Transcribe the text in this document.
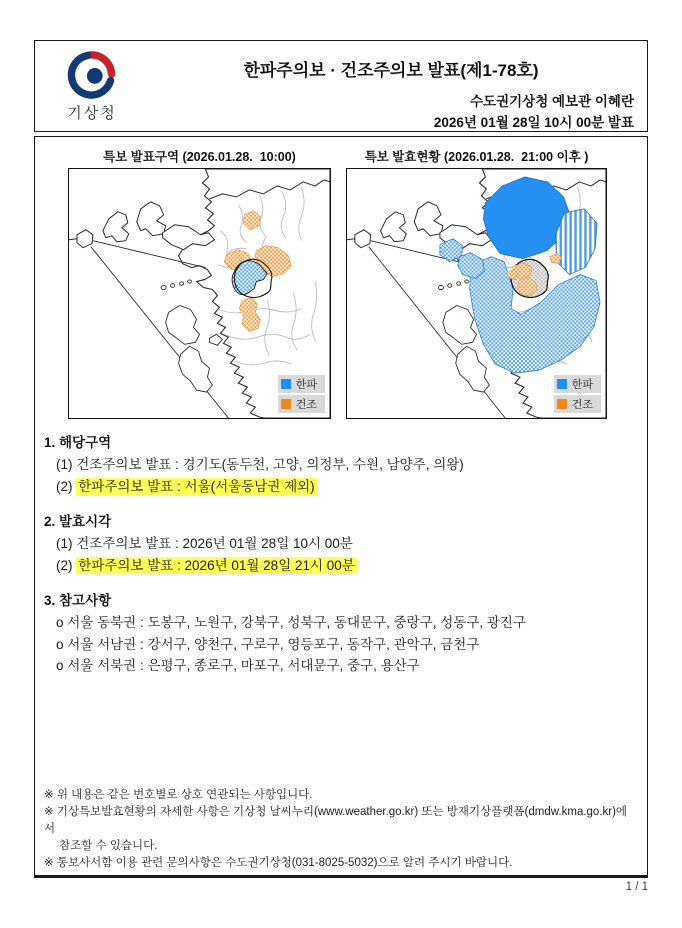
기상청
한파주의보 · 건조주의보 발표(제1-78호)
수도권기상청 예보관 이혜란
2026년 01월 28일 10시 00분 발표
특보 발표구역 (2026.01.28.  10:00)
한파
건조
특보 발효현황 (2026.01.28.  21:00 이후 )
한파
건조
1. 해당구역
(1) 건조주의보 발표 : 경기도(동두천, 고양, 의정부, 수원, 남양주, 의왕)
(2) 한파주의보 발표 : 서울(서울동남권 제외)
2. 발효시각
(1) 건조주의보 발표 : 2026년 01월 28일 10시 00분
(2) 한파주의보 발표 : 2026년 01월 28일 21시 00분
3. 참고사항
o 서울 동북권 : 도봉구, 노원구, 강북구, 성북구, 동대문구, 중랑구, 성동구, 광진구
o 서울 서남권 : 강서구, 양천구, 구로구, 영등포구, 동작구, 관악구, 금천구
o 서울 서북권 : 은평구, 종로구, 마포구, 서대문구, 중구, 용산구
※ 위 내용은 같은 번호별로 상호 연관되는 사항입니다.
※ 기상특보발효현황의 자세한 사항은 기상청 날씨누리(www.weather.go.kr) 또는 방재기상플랫폼(dmdw.kma.go.kr)에서
참조할 수 있습니다.
※ 통보사서함 이용 관련 문의사항은 수도권기상청(031-8025-5032)으로 알려 주시기 바랍니다.
1 / 1
